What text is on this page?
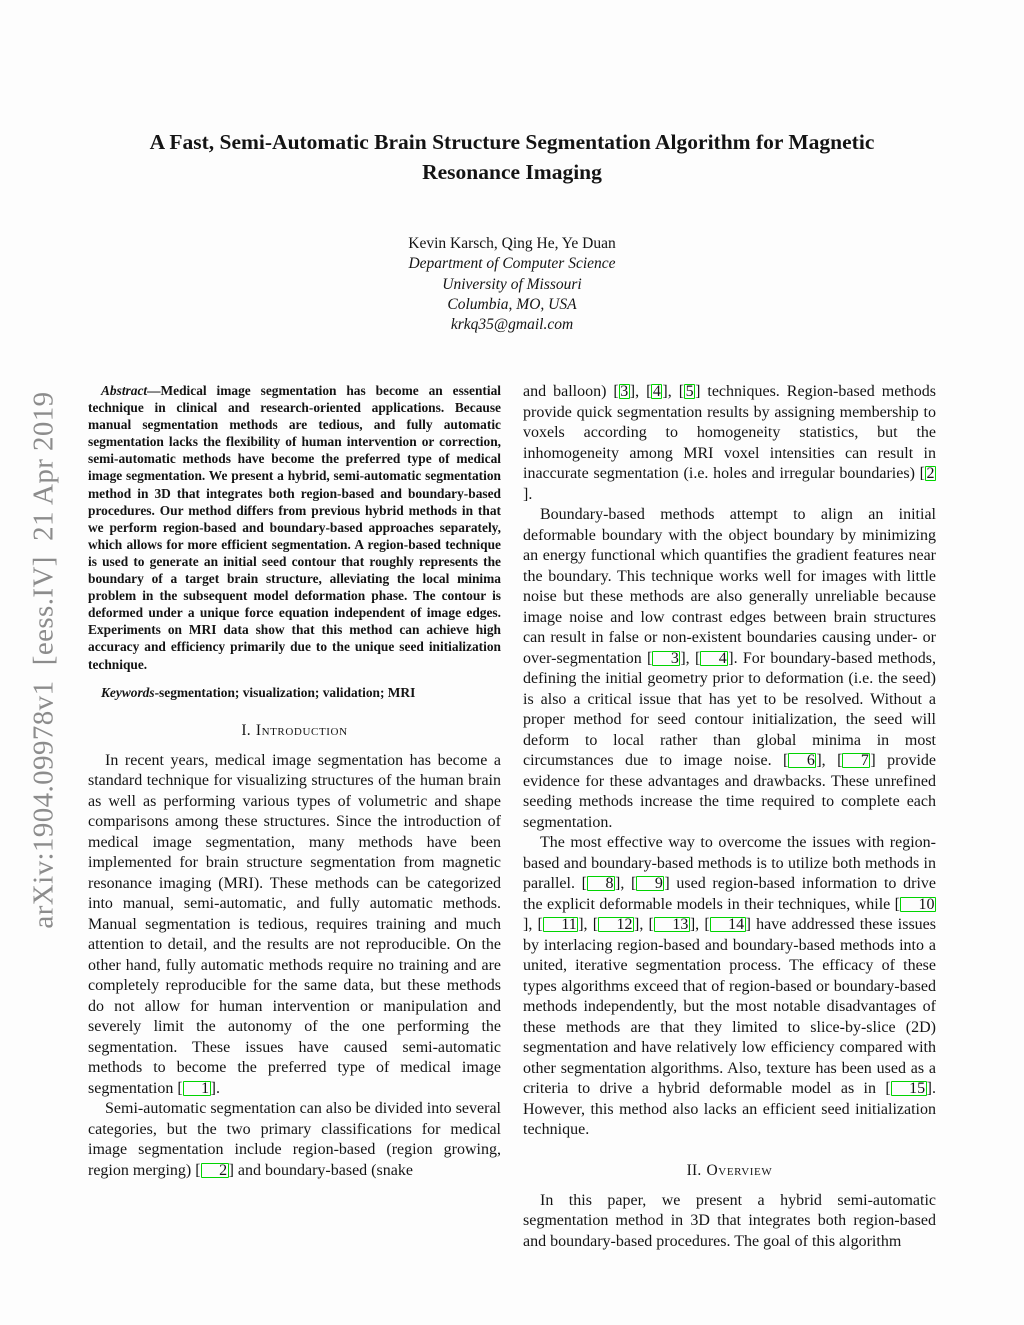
arXiv:1904.09978v1  [eess.IV]  21 Apr 2019
A Fast, Semi-Automatic Brain Structure Segmentation Algorithm for Magnetic Resonance Imaging
Kevin Karsch, Qing He, Ye Duan
Department of Computer Science
University of Missouri
Columbia, MO, USA
krkq35@gmail.com

Abstract—Medical image segmentation has become an essential technique in clinical and research-oriented applications. Because manual segmentation methods are tedious, and fully automatic segmentation lacks the flexibility of human intervention or correction, semi-automatic methods have become the preferred type of medical image segmentation. We present a hybrid, semi-automatic segmentation method in 3D that integrates both region-based and boundary-based procedures. Our method differs from previous hybrid methods in that we perform region-based and boundary-based approaches separately, which allows for more efficient segmentation. A region-based technique is used to generate an initial seed contour that roughly represents the boundary of a target brain structure, alleviating the local minima problem in the subsequent model deformation phase. The contour is deformed under a unique force equation independent of image edges. Experiments on MRI data show that this method can achieve high accuracy and efficiency primarily due to the unique seed initialization technique.

Keywords-segmentation; visualization; validation; MRI

I. Introduction

In recent years, medical image segmentation has become a standard technique for visualizing structures of the human brain as well as performing various types of volumetric and shape comparisons among these structures. Since the introduction of medical image segmentation, many methods have been implemented for brain structure segmentation from magnetic resonance imaging (MRI). These methods can be categorized into manual, semi-automatic, and fully automatic methods. Manual segmentation is tedious, requires training and much attention to detail, and the results are not reproducible. On the other hand, fully automatic methods require no training and are completely reproducible for the same data, but these methods do not allow for human intervention or manipulation and severely limit the autonomy of the one performing the segmentation. These issues have caused semi-automatic methods to become the preferred type of medical image segmentation [ 1].

Semi-automatic segmentation can also be divided into several categories, but the two primary classifications for medical image segmentation include region-based (region growing, region merging) [ 2] and boundary-based (snake

and balloon) [3], [4], [5] techniques. Region-based methods provide quick segmentation results by assigning membership to voxels according to homogeneity statistics, but the inhomogeneity among MRI voxel intensities can result in inaccurate segmentation (i.e. holes and irregular boundaries) [2].

Boundary-based methods attempt to align an initial deformable boundary with the object boundary by minimizing an energy functional which quantifies the gradient features near the boundary. This technique works well for images with little noise but these methods are also generally unreliable because image noise and low contrast edges between brain structures can result in false or non-existent boundaries causing under- or over-segmentation [ 3], [ 4]. For boundary-based methods, defining the initial geometry prior to deformation (i.e. the seed) is also a critical issue that has yet to be resolved. Without a proper method for seed contour initialization, the seed will deform to local rather than global minima in most circumstances due to image noise. [ 6], [ 7] provide evidence for these advantages and drawbacks. These unrefined seeding methods increase the time required to complete each segmentation.

The most effective way to overcome the issues with region-based and boundary-based methods is to utilize both methods in parallel. [ 8], [ 9] used region-based information to drive the explicit deformable models in their techniques, while [ 10], [ 11], [ 12], [ 13], [ 14] have addressed these issues by interlacing region-based and boundary-based methods into a united, iterative segmentation process. The efficacy of these types algorithms exceed that of region-based or boundary-based methods independently, but the most notable disadvantages of these methods are that they limited to slice-by-slice (2D) segmentation and have relatively low efficiency compared with other segmentation algorithms. Also, texture has been used as a criteria to drive a hybrid deformable model as in [ 15]. However, this method also lacks an efficient seed initialization technique.

II. Overview

In this paper, we present a hybrid semi-automatic segmentation method in 3D that integrates both region-based and boundary-based procedures. The goal of this algorithm
